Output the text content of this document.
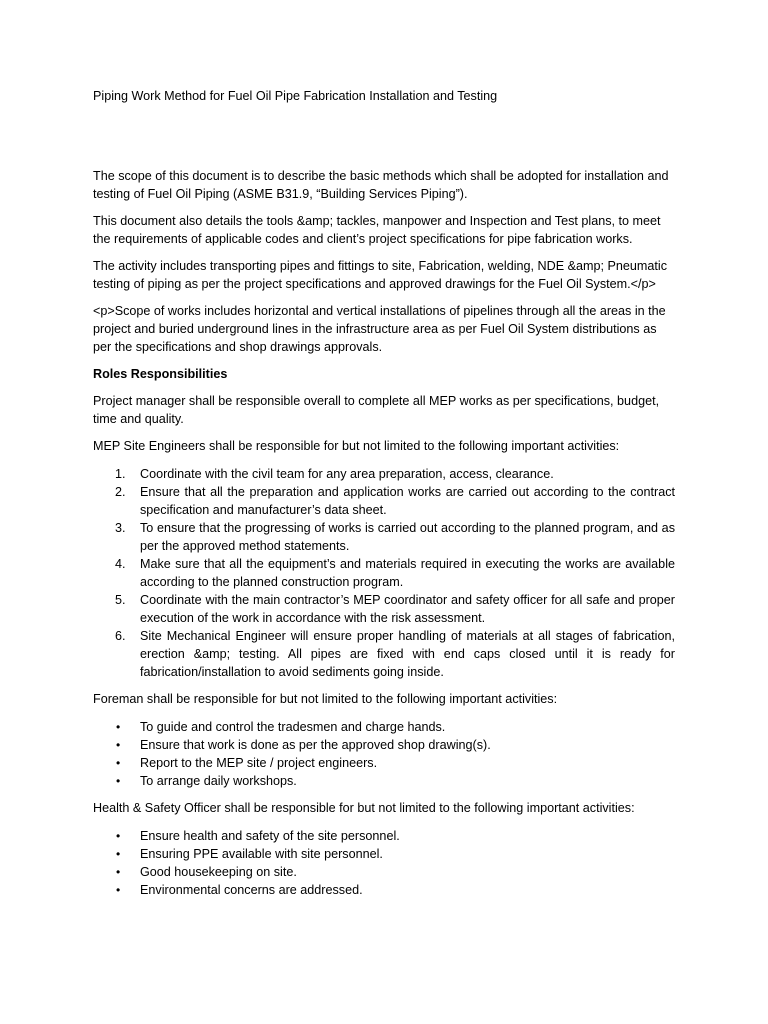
Piping Work Method for Fuel Oil Pipe Fabrication Installation and Testing

The scope of this document is to describe the basic methods which shall be adopted for installation and testing of Fuel Oil Piping (ASME B31.9, “Building Services Piping”).

This document also details the tools &amp; tackles, manpower and Inspection and Test plans, to meet the requirements of applicable codes and client’s project specifications for pipe fabrication works.

The activity includes transporting pipes and fittings to site, Fabrication, welding, NDE &amp; Pneumatic testing of piping as per the project specifications and approved drawings for the Fuel Oil System.</p>

<p>Scope of works includes horizontal and vertical installations of pipelines through all the areas in the project and buried underground lines in the infrastructure area as per Fuel Oil System distributions as per the specifications and shop drawings approvals.

Roles Responsibilities

Project manager shall be responsible overall to complete all MEP works as per specifications, budget, time and quality.

MEP Site Engineers shall be responsible for but not limited to the following important activities:

1.	Coordinate with the civil team for any area preparation, access, clearance.
2.	Ensure that all the preparation and application works are carried out according to the contract specification and manufacturer’s data sheet.
3.	To ensure that the progressing of works is carried out according to the planned program, and as per the approved method statements.
4.	Make sure that all the equipment’s and materials required in executing the works are available according to the planned construction program.
5.	Coordinate with the main contractor’s MEP coordinator and safety officer for all safe and proper execution of the work in accordance with the risk assessment.
6.	Site Mechanical Engineer will ensure proper handling of materials at all stages of fabrication, erection &amp; testing. All pipes are fixed with end caps closed until it is ready for fabrication/installation to avoid sediments going inside.

Foreman shall be responsible for but not limited to the following important activities:

•	To guide and control the tradesmen and charge hands.
•	Ensure that work is done as per the approved shop drawing(s).
•	Report to the MEP site / project engineers.
•	To arrange daily workshops.

Health & Safety Officer shall be responsible for but not limited to the following important activities:

•	Ensure health and safety of the site personnel.
•	Ensuring PPE available with site personnel.
•	Good housekeeping on site.
•	Environmental concerns are addressed.
